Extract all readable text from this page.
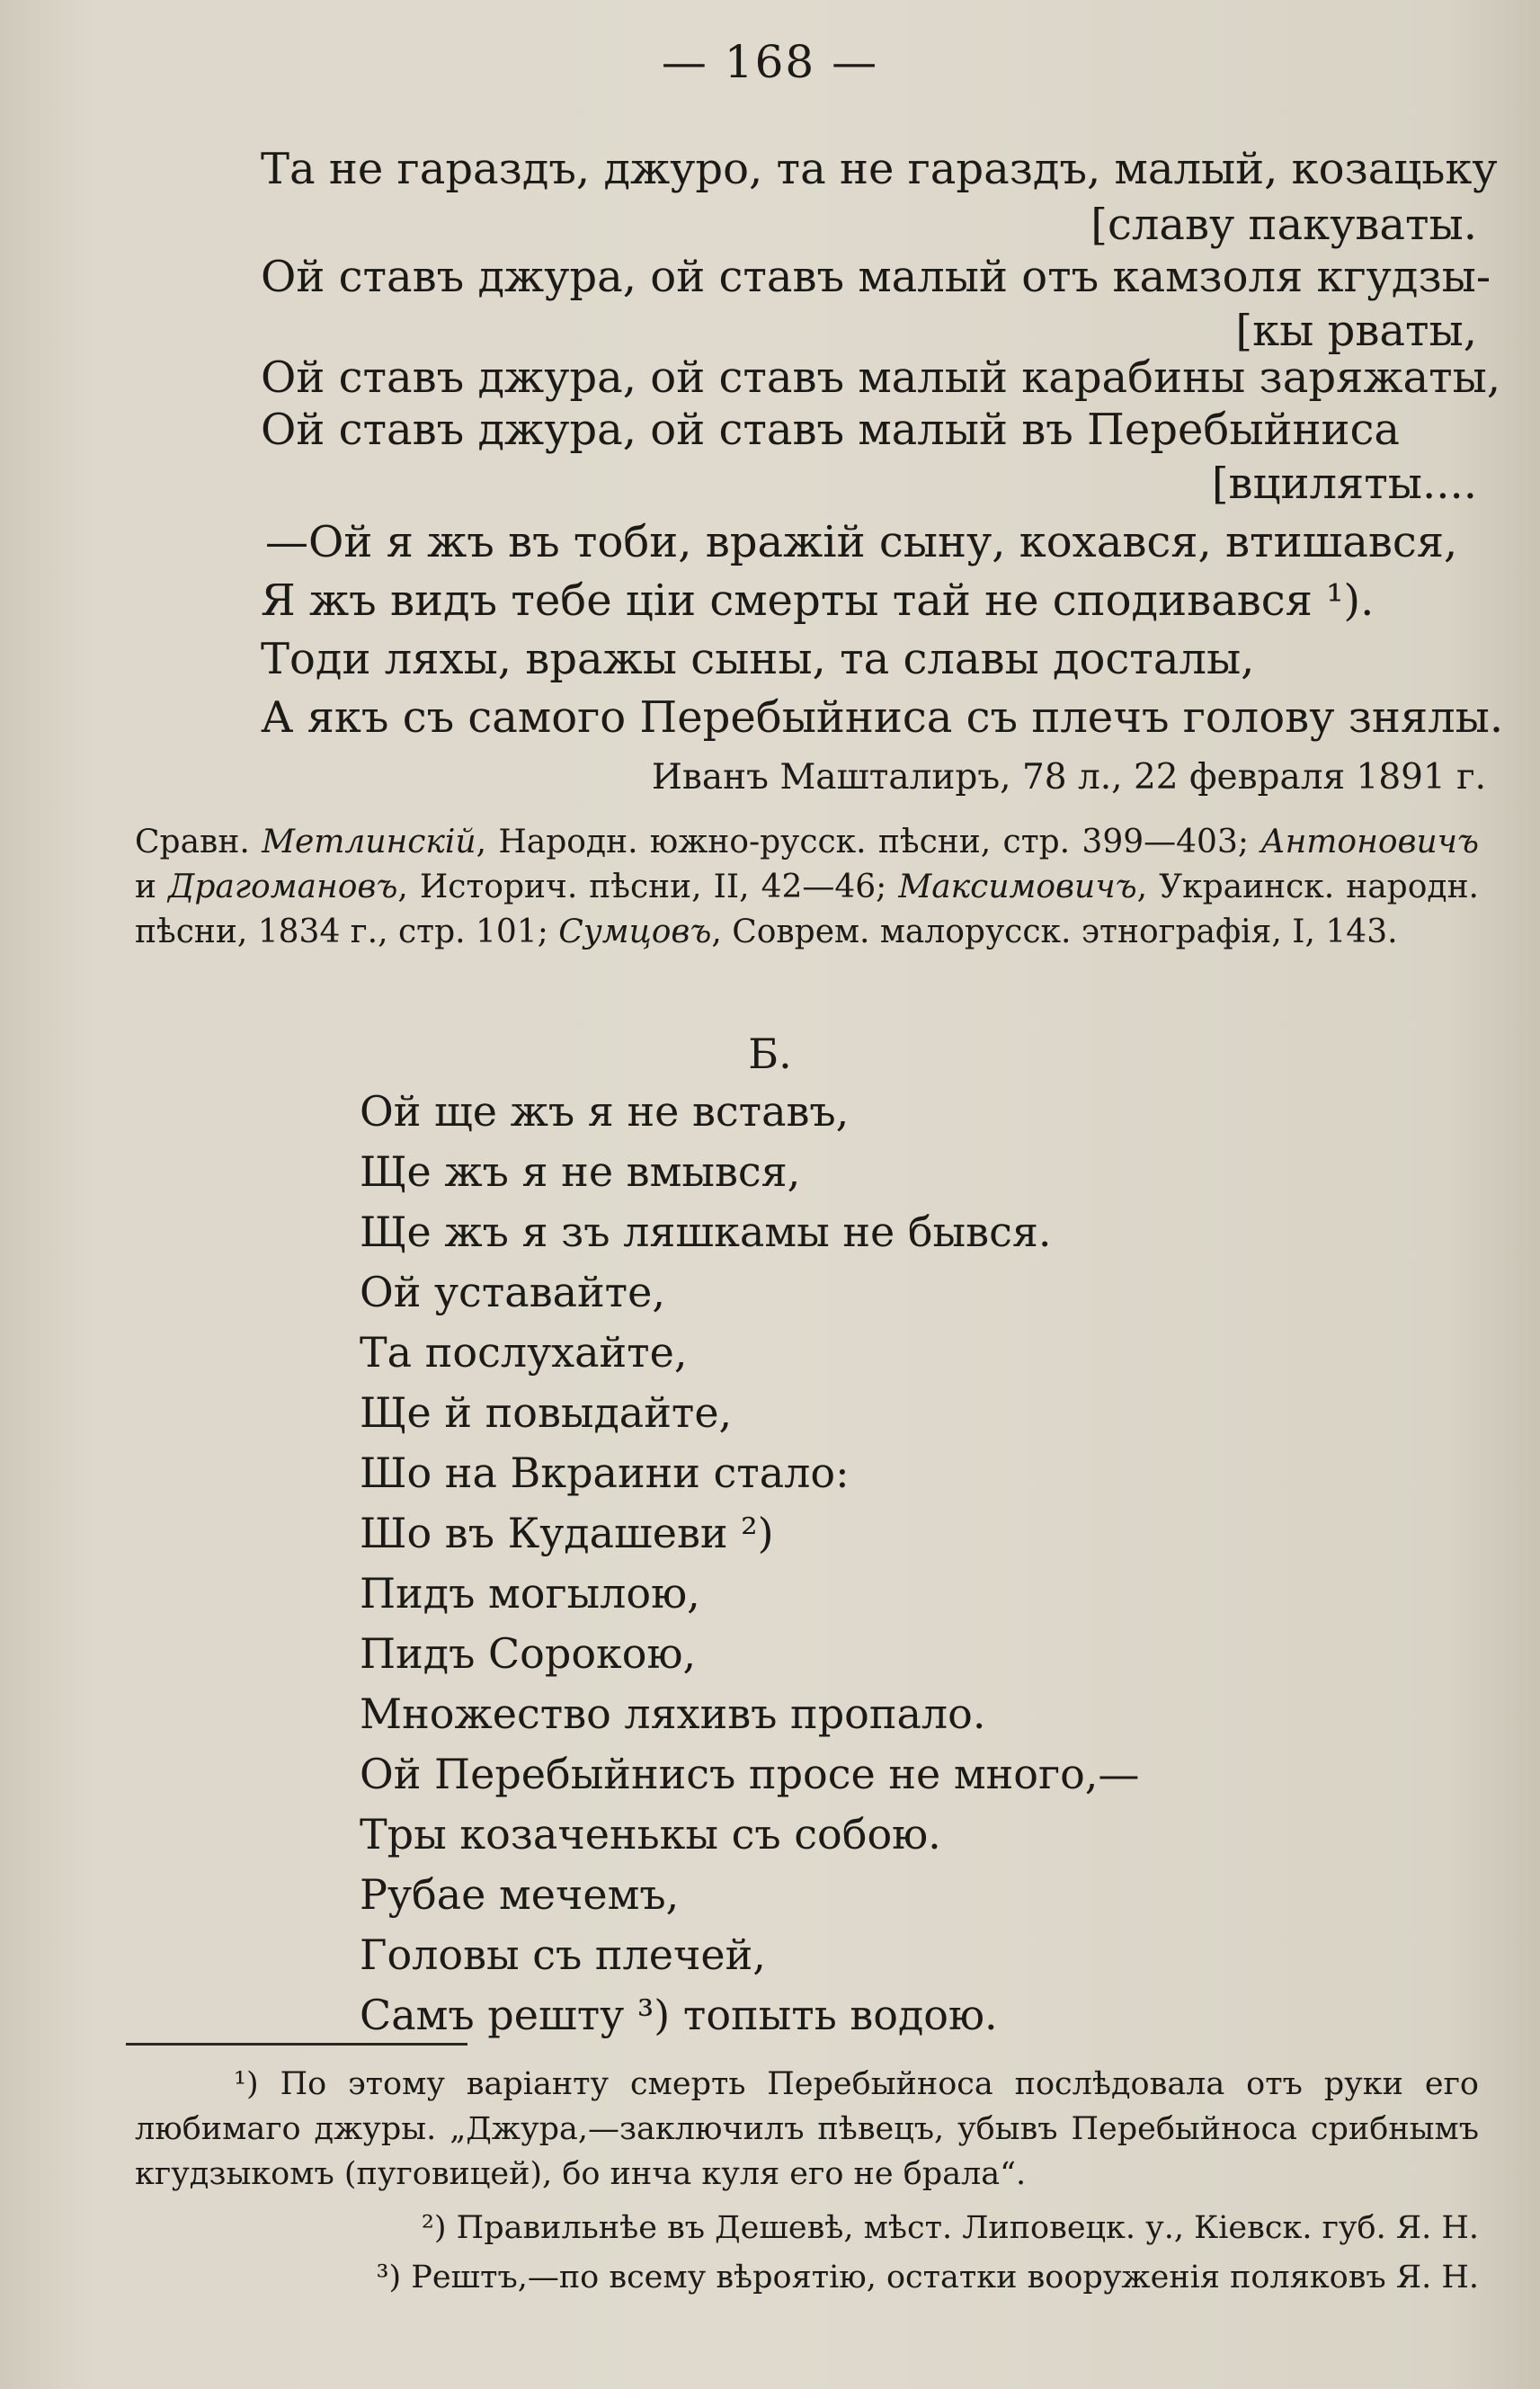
— 168 —
Та не гараздъ, джуро, та не гараздъ, малый, козацьку
[славу пакуваты.
Ой ставъ джура, ой ставъ малый отъ камзоля кгудзы-
[кы рваты,
Ой ставъ джура, ой ставъ малый карабины заряжаты,
Ой ставъ джура, ой ставъ малый въ Перебыйниса
[вциляты....
—Ой я жъ въ тоби, вражій сыну, кохався, втишався,
Я жъ видъ тебе ціи смерты тай не сподивався ¹).
Тоди ляхы, вражы сыны, та славы досталы,
А якъ съ самого Перебыйниса съ плечъ голову знялы.
Иванъ Машталиръ, 78 л., 22 февраля 1891 г.
Сравн. Метлинскій, Народн. южно-русск. пѣсни, стр. 399—403; Антоновичъ и Драгомановъ, Историч. пѣсни, II, 42—46; Максимовичъ, Украинск. народн. пѣсни, 1834 г., стр. 101; Сумцовъ, Соврем. малорусск. этнографія, I, 143.
Б.
Ой ще жъ я не вставъ,
Ще жъ я не вмывся,
Ще жъ я зъ ляшкамы не бывся.
Ой уставайте,
Та послухайте,
Ще й повыдайте,
Шо на Вкраини стало:
Шо въ Кудашеви ²)
Пидъ могылою,
Пидъ Сорокою,
Множество ляхивъ пропало.
Ой Перебыйнисъ просе не много,—
Тры козаченькы съ собою.
Рубае мечемъ,
Головы съ плечей,
Самъ решту ³) топыть водою.
¹) По этому варіанту смерть Перебыйноса послѣдовала отъ руки его любимаго джуры. „Джура,—заключилъ пѣвецъ, убывъ Перебыйноса срибнымъ кгудзыкомъ (пуговицей), бо инча куля его не брала“.
²) Правильнѣе въ Дешевѣ, мѣст. Липовецк. у., Кіевск. губ. Я. Н.
³) Рештъ,—по всему вѣроятію, остатки вооруженія поляковъ Я. Н.
